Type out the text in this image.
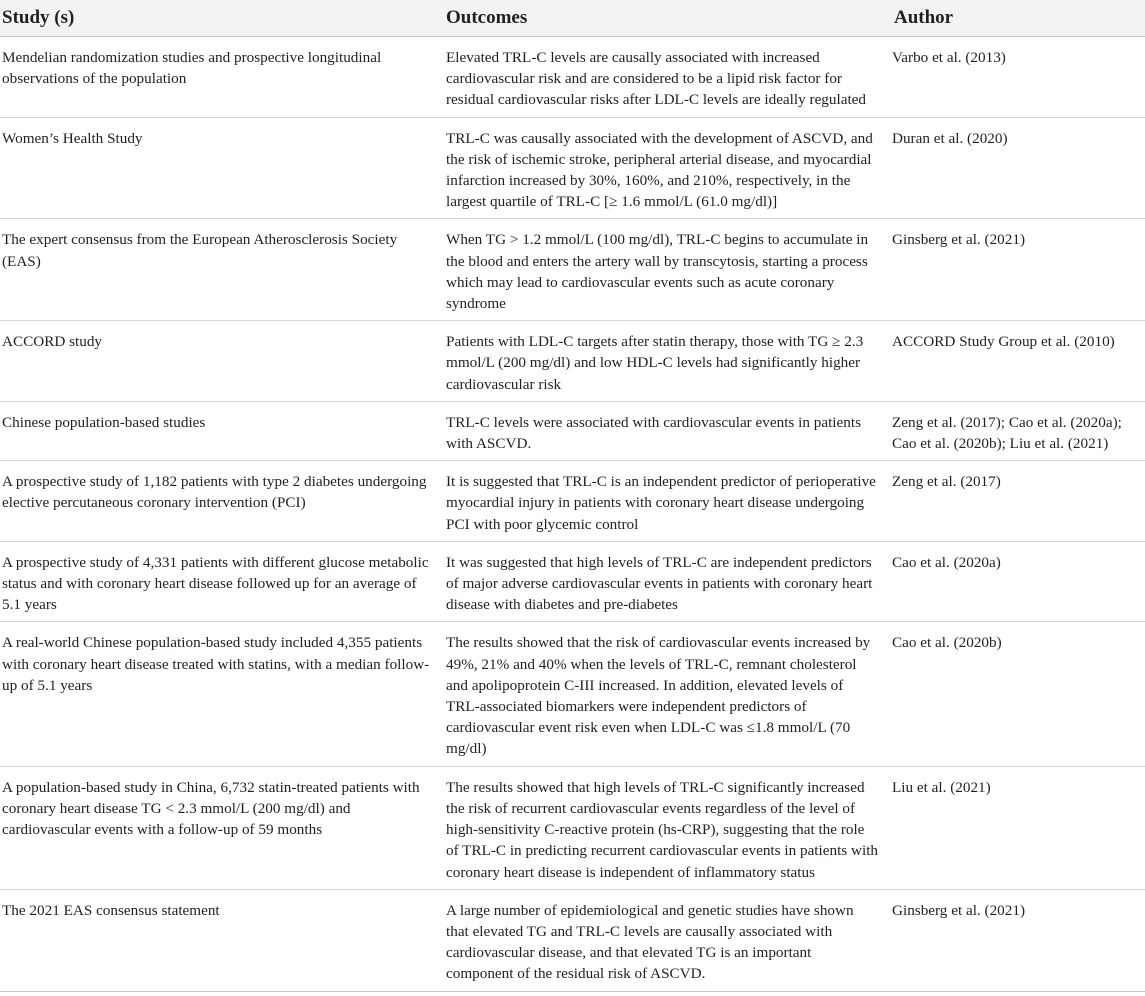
Study (s)	Outcomes	Author
Mendelian randomization studies and prospective longitudinal observations of the population	Elevated TRL-C levels are causally associated with increased cardiovascular risk and are considered to be a lipid risk factor for residual cardiovascular risks after LDL-C levels are ideally regulated	Varbo et al. (2013)
Women’s Health Study	TRL-C was causally associated with the development of ASCVD, and the risk of ischemic stroke, peripheral arterial disease, and myocardial infarction increased by 30%, 160%, and 210%, respectively, in the largest quartile of TRL-C [≥ 1.6 mmol/L (61.0 mg/dl)]	Duran et al. (2020)
The expert consensus from the European Atherosclerosis Society (EAS)	When TG > 1.2 mmol/L (100 mg/dl), TRL-C begins to accumulate in the blood and enters the artery wall by transcytosis, starting a process which may lead to cardiovascular events such as acute coronary syndrome	Ginsberg et al. (2021)
ACCORD study	Patients with LDL-C targets after statin therapy, those with TG ≥ 2.3 mmol/L (200 mg/dl) and low HDL-C levels had significantly higher cardiovascular risk	ACCORD Study Group et al. (2010)
Chinese population-based studies	TRL-C levels were associated with cardiovascular events in patients with ASCVD.	Zeng et al. (2017); Cao et al. (2020a); Cao et al. (2020b); Liu et al. (2021)
A prospective study of 1,182 patients with type 2 diabetes undergoing elective percutaneous coronary intervention (PCI)	It is suggested that TRL-C is an independent predictor of perioperative myocardial injury in patients with coronary heart disease undergoing PCI with poor glycemic control	Zeng et al. (2017)
A prospective study of 4,331 patients with different glucose metabolic status and with coronary heart disease followed up for an average of 5.1 years	It was suggested that high levels of TRL-C are independent predictors of major adverse cardiovascular events in patients with coronary heart disease with diabetes and pre-diabetes	Cao et al. (2020a)
A real-world Chinese population-based study included 4,355 patients with coronary heart disease treated with statins, with a median follow-up of 5.1 years	The results showed that the risk of cardiovascular events increased by 49%, 21% and 40% when the levels of TRL-C, remnant cholesterol and apolipoprotein C-III increased. In addition, elevated levels of TRL-associated biomarkers were independent predictors of cardiovascular event risk even when LDL-C was ≤1.8 mmol/L (70 mg/dl)	Cao et al. (2020b)
A population-based study in China, 6,732 statin-treated patients with coronary heart disease TG < 2.3 mmol/L (200 mg/dl) and cardiovascular events with a follow-up of 59 months	The results showed that high levels of TRL-C significantly increased the risk of recurrent cardiovascular events regardless of the level of high-sensitivity C-reactive protein (hs-CRP), suggesting that the role of TRL-C in predicting recurrent cardiovascular events in patients with coronary heart disease is independent of inflammatory status	Liu et al. (2021)
The 2021 EAS consensus statement	A large number of epidemiological and genetic studies have shown that elevated TG and TRL-C levels are causally associated with cardiovascular disease, and that elevated TG is an important component of the residual risk of ASCVD.	Ginsberg et al. (2021)
